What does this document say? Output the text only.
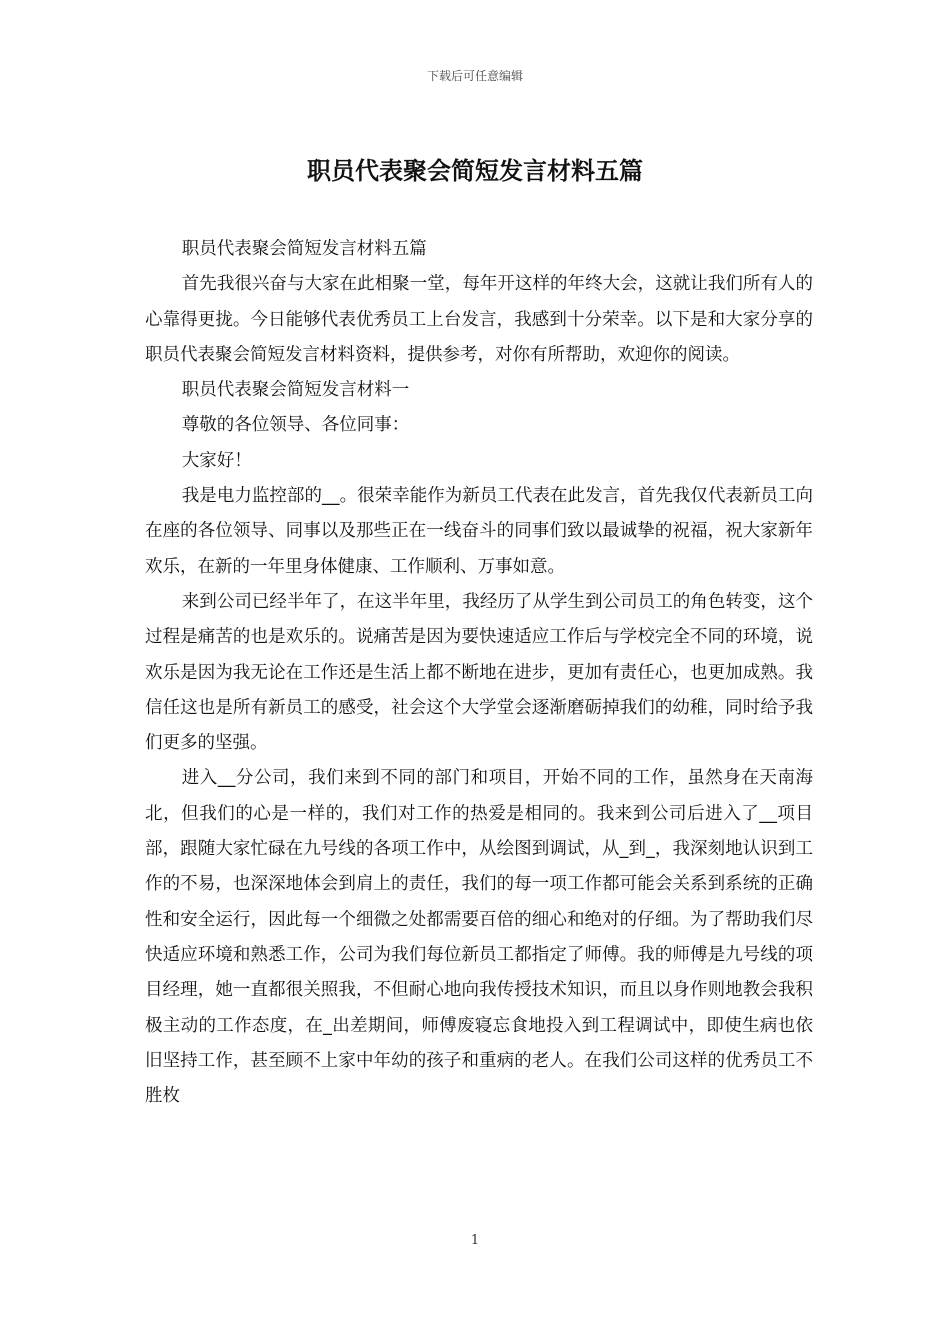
下载后可任意编辑
职员代表聚会简短发言材料五篇

职员代表聚会简短发言材料五篇

首先我很兴奋与大家在此相聚一堂，每年开这样的年终大会，这就让我们所有人的心靠得更拢。今日能够代表优秀员工上台发言，我感到十分荣幸。以下是和大家分享的职员代表聚会简短发言材料资料，提供参考，对你有所帮助，欢迎你的阅读。

职员代表聚会简短发言材料一

尊敬的各位领导、各位同事：

大家好！

我是电力监控部的__。很荣幸能作为新员工代表在此发言，首先我仅代表新员工向在座的各位领导、同事以及那些正在一线奋斗的同事们致以最诚挚的祝福，祝大家新年欢乐，在新的一年里身体健康、工作顺利、万事如意。

来到公司已经半年了，在这半年里，我经历了从学生到公司员工的角色转变，这个过程是痛苦的也是欢乐的。说痛苦是因为要快速适应工作后与学校完全不同的环境，说欢乐是因为我无论在工作还是生活上都不断地在进步，更加有责任心，也更加成熟。我信任这也是所有新员工的感受，社会这个大学堂会逐渐磨砺掉我们的幼稚，同时给予我们更多的坚强。

进入__分公司，我们来到不同的部门和项目，开始不同的工作，虽然身在天南海北，但我们的心是一样的，我们对工作的热爱是相同的。我来到公司后进入了__项目部，跟随大家忙碌在九号线的各项工作中，从绘图到调试，从_到_，我深刻地认识到工作的不易，也深深地体会到肩上的责任，我们的每一项工作都可能会关系到系统的正确性和安全运行，因此每一个细微之处都需要百倍的细心和绝对的仔细。为了帮助我们尽快适应环境和熟悉工作，公司为我们每位新员工都指定了师傅。我的师傅是九号线的项目经理，她一直都很关照我，不但耐心地向我传授技术知识，而且以身作则地教会我积极主动的工作态度，在_出差期间，师傅废寝忘食地投入到工程调试中，即使生病也依旧坚持工作，甚至顾不上家中年幼的孩子和重病的老人。在我们公司这样的优秀员工不胜枚

1
